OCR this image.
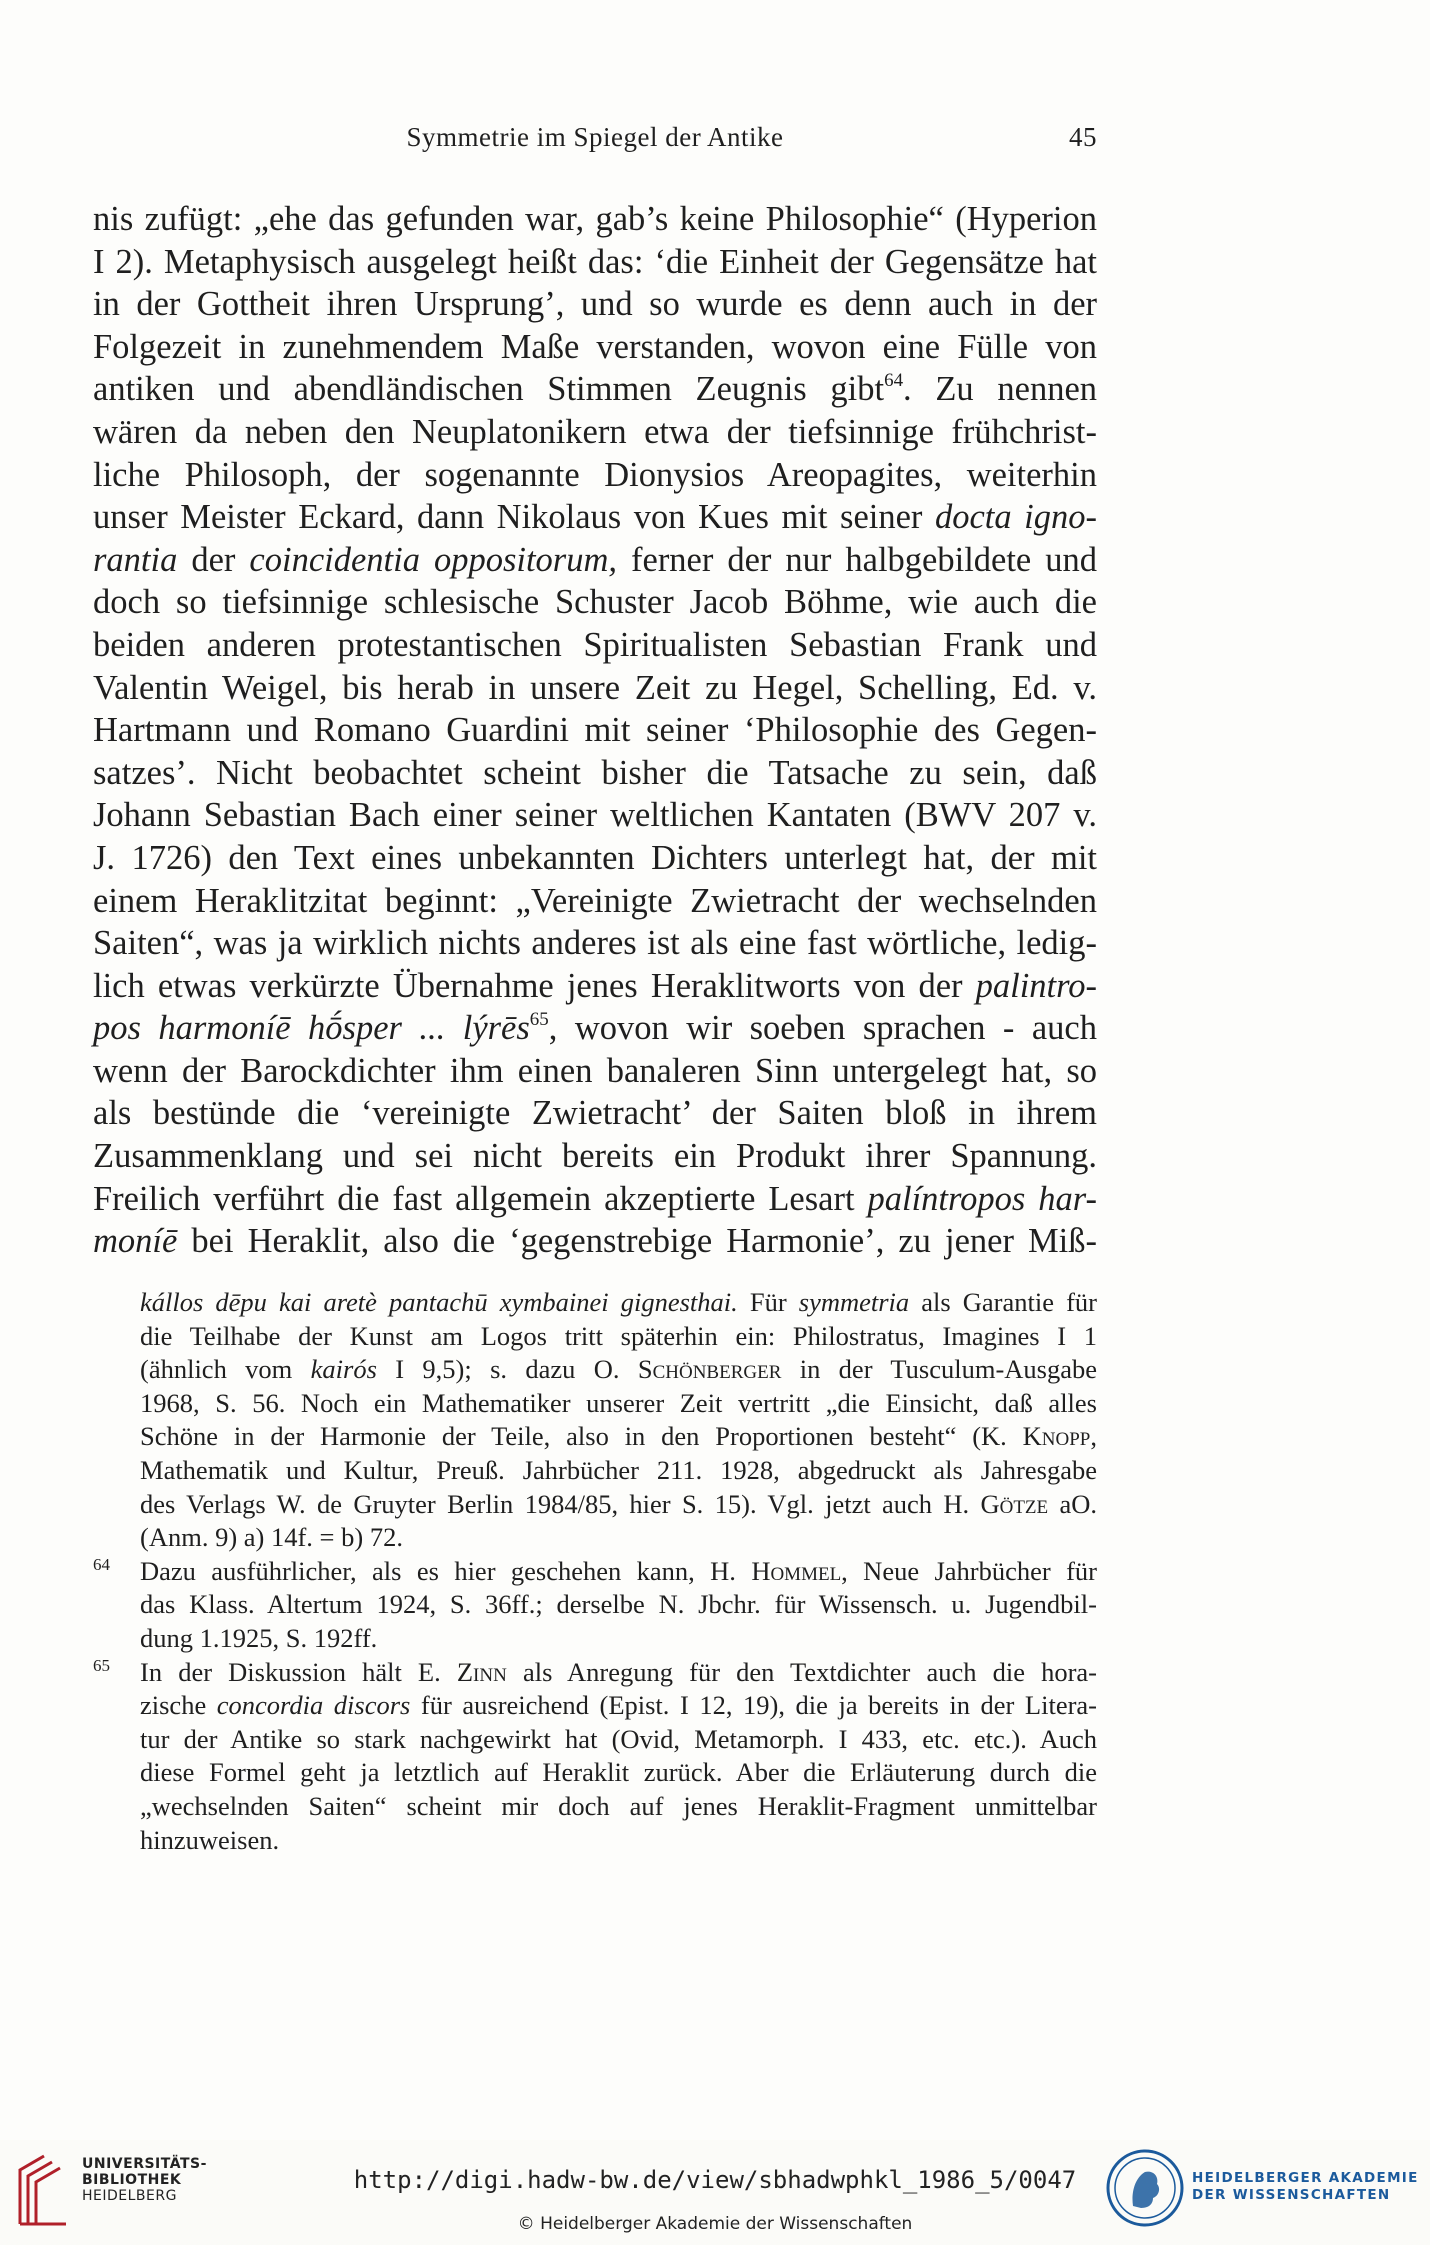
Symmetrie im Spiegel der Antike	45
nis zufügt: „ehe das gefunden war, gab’s keine Philosophie“ (Hyperion
I 2). Metaphysisch ausgelegt heißt das: ‘die Einheit der Gegensätze hat
in der Gottheit ihren Ursprung’, und so wurde es denn auch in der
Folgezeit in zunehmendem Maße verstanden, wovon eine Fülle von
antiken und abendländischen Stimmen Zeugnis gibt$^{64}$. Zu nennen
wären da neben den Neuplatonikern etwa der tiefsinnige frühchrist-
liche Philosoph, der sogenannte Dionysios Areopagites, weiterhin
unser Meister Eckard, dann Nikolaus von Kues mit seiner docta igno-
rantia der coincidentia oppositorum, ferner der nur halbgebildete und
doch so tiefsinnige schlesische Schuster Jacob Böhme, wie auch die
beiden anderen protestantischen Spiritualisten Sebastian Frank und
Valentin Weigel, bis herab in unsere Zeit zu Hegel, Schelling, Ed. v.
Hartmann und Romano Guardini mit seiner ‘Philosophie des Gegen-
satzes’. Nicht beobachtet scheint bisher die Tatsache zu sein, daß
Johann Sebastian Bach einer seiner weltlichen Kantaten (BWV 207 v.
J. 1726) den Text eines unbekannten Dichters unterlegt hat, der mit
einem Heraklitzitat beginnt: „Vereinigte Zwietracht der wechselnden
Saiten“, was ja wirklich nichts anderes ist als eine fast wörtliche, ledig-
lich etwas verkürzte Übernahme jenes Heraklitworts von der palintro-
pos harmoníē hṓsper ... lýrēs$^{65}$, wovon wir soeben sprachen - auch
wenn der Barockdichter ihm einen banaleren Sinn untergelegt hat, so
als bestünde die ‘vereinigte Zwietracht’ der Saiten bloß in ihrem
Zusammenklang und sei nicht bereits ein Produkt ihrer Spannung.
Freilich verführt die fast allgemein akzeptierte Lesart palíntropos har-
moníē bei Heraklit, also die ‘gegenstrebige Harmonie’, zu jener Miß-
kállos dēpu kai aretè pantachū xymbainei gignesthai. Für symmetria als Garantie für
die Teilhabe der Kunst am Logos tritt späterhin ein: Philostratus, Imagines I 1
(ähnlich vom kairós I 9,5); s. dazu O. Schönberger in der Tusculum-Ausgabe
1968, S. 56. Noch ein Mathematiker unserer Zeit vertritt „die Einsicht, daß alles
Schöne in der Harmonie der Teile, also in den Proportionen besteht“ (K. Knopp,
Mathematik und Kultur, Preuß. Jahrbücher 211. 1928, abgedruckt als Jahresgabe
des Verlags W. de Gruyter Berlin 1984/85, hier S. 15). Vgl. jetzt auch H. Götze aO.
(Anm. 9) a) 14f. = b) 72.
64 Dazu ausführlicher, als es hier geschehen kann, H. Hommel, Neue Jahrbücher für
das Klass. Altertum 1924, S. 36ff.; derselbe N. Jbchr. für Wissensch. u. Jugendbil-
dung 1.1925, S. 192ff.
65 In der Diskussion hält E. Zinn als Anregung für den Textdichter auch die hora-
zische concordia discors für ausreichend (Epist. I 12, 19), die ja bereits in der Litera-
tur der Antike so stark nachgewirkt hat (Ovid, Metamorph. I 433, etc. etc.). Auch
diese Formel geht ja letztlich auf Heraklit zurück. Aber die Erläuterung durch die
„wechselnden Saiten“ scheint mir doch auf jenes Heraklit-Fragment unmittelbar
hinzuweisen.
UNIVERSITÄTS-
BIBLIOTHEK
HEIDELBERG
http://digi.hadw-bw.de/view/sbhadwphkl_1986_5/0047
© Heidelberger Akademie der Wissenschaften
HEIDELBERGER AKADEMIE
DER WISSENSCHAFTEN
